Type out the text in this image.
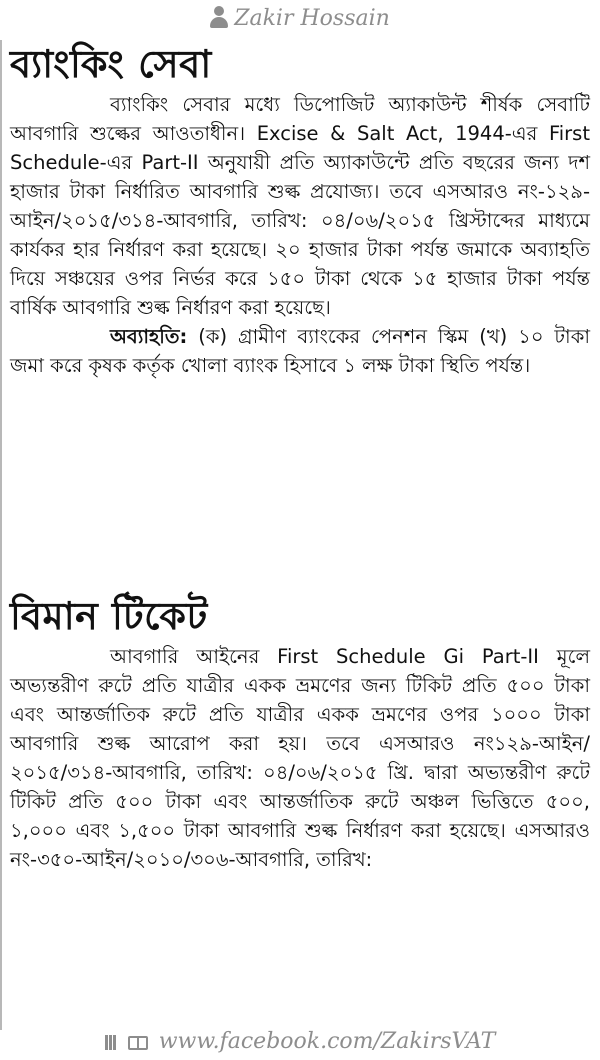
Zakir Hossain
ব্যাংকিং সেবা

ব্যাংকিং সেবার মধ্যে ডিপোজিট অ্যাকাউন্ট শীর্ষক সেবাটি আবগারি শুল্কের আওতাধীন। Excise & Salt Act, 1944-এর First Schedule-এর Part-II অনুযায়ী প্রতি অ্যাকাউন্টে প্রতি বছরের জন্য দশ হাজার টাকা নির্ধারিত আবগারি শুল্ক প্রযোজ্য। তবে এসআরও নং-১২৯-আইন/২০১৫/৩১৪-আবগারি, তারিখ: ০৪/০৬/২০১৫ খ্রিস্টাব্দের মাধ্যমে কার্যকর হার নির্ধারণ করা হয়েছে। ২০ হাজার টাকা পর্যন্ত জমাকে অব্যাহতি দিয়ে সঞ্চয়ের ওপর নির্ভর করে ১৫০ টাকা থেকে ১৫ হাজার টাকা পর্যন্ত বার্ষিক আবগারি শুল্ক নির্ধারণ করা হয়েছে।

অব্যাহতি: (ক) গ্রামীণ ব্যাংকের পেনশন স্কিম (খ) ১০ টাকা জমা করে কৃষক কর্তৃক খোলা ব্যাংক হিসাবে ১ লক্ষ টাকা স্থিতি পর্যন্ত।

বিমান টিকেট

আবগারি আইনের First Schedule Gi Part-II মূলে অভ্যন্তরীণ রুটে প্রতি যাত্রীর একক ভ্রমণের জন্য টিকিট প্রতি ৫০০ টাকা এবং আন্তর্জাতিক রুটে প্রতি যাত্রীর একক ভ্রমণের ওপর ১০০০ টাকা আবগারি শুল্ক আরোপ করা হয়। তবে এসআরও নং১২৯-আইন/২০১৫/৩১৪-আবগারি, তারিখ: ০৪/০৬/২০১৫ খ্রি. দ্বারা অভ্যন্তরীণ রুটে টিকিট প্রতি ৫০০ টাকা এবং আন্তর্জাতিক রুটে অঞ্চল ভিত্তিতে ৫০০, ১,০০০ এবং ১,৫০০ টাকা আবগারি শুল্ক নির্ধারণ করা হয়েছে। এসআরও নং-৩৫০-আইন/২০১০/৩০৬-আবগারি, তারিখ:

www.facebook.com/ZakirsVAT
